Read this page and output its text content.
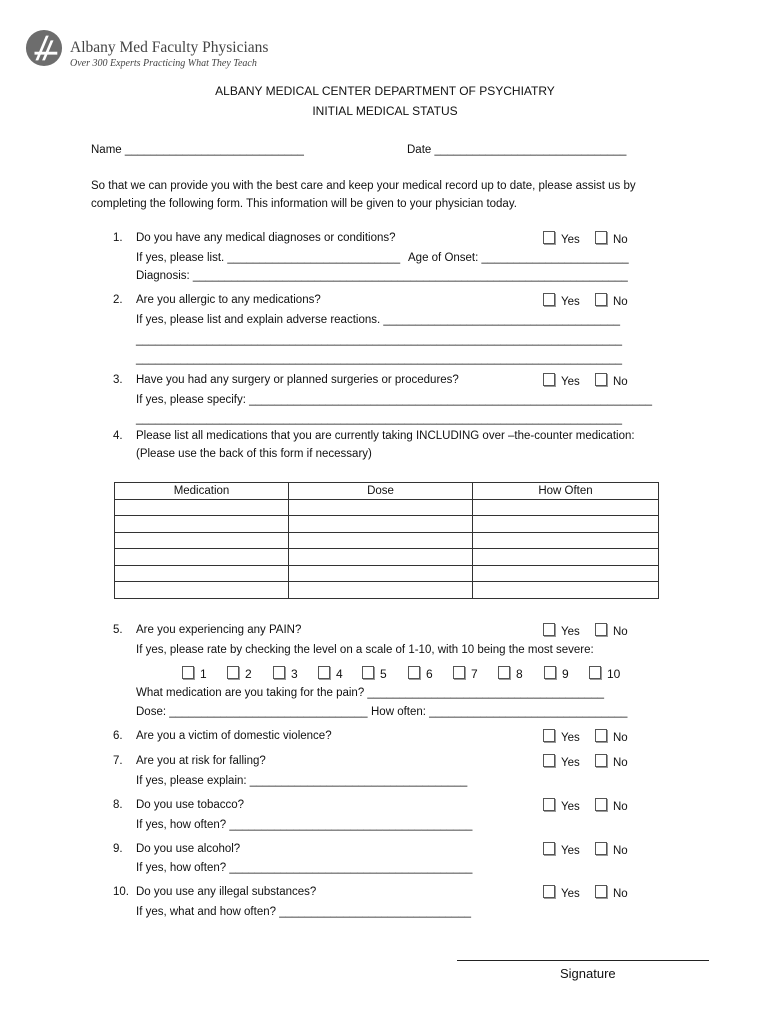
Albany Med Faculty Physicians
Over 300 Experts Practicing What They Teach
ALBANY MEDICAL CENTER DEPARTMENT OF PSYCHIATRY
INITIAL MEDICAL STATUS
Name ____________________________	Date ______________________________
So that we can provide you with the best care and keep your medical record up to date, please assist us by
completing the following form. This information will be given to your physician today.
1. Do you have any medical diagnoses or conditions?	Yes	No
If yes, please list. ___________________________ Age of Onset: _______________________
Diagnosis: ____________________________________________________________________
2. Are you allergic to any medications?	Yes	No
If yes, please list and explain adverse reactions. _____________________________________
____________________________________________________________________________
____________________________________________________________________________
3. Have you had any surgery or planned surgeries or procedures?	Yes	No
If yes, please specify: _______________________________________________________________
____________________________________________________________________________
4. Please list all medications that you are currently taking INCLUDING over –the-counter medication:
(Please use the back of this form if necessary)
Medication	Dose	How Often

5. Are you experiencing any PAIN?	Yes	No
If yes, please rate by checking the level on a scale of 1-10, with 10 being the most severe:
1	2	3	4	5	6	7	8	9	10
What medication are you taking for the pain? _____________________________________
Dose: _______________________________ How often: _______________________________
6. Are you a victim of domestic violence?	Yes	No
7. Are you at risk for falling?	Yes	No
If yes, please explain: __________________________________
8. Do you use tobacco?	Yes	No
If yes, how often? ______________________________________
9. Do you use alcohol?	Yes	No
If yes, how often? ______________________________________
10. Do you use any illegal substances?	Yes	No
If yes, what and how often? ______________________________
Signature
